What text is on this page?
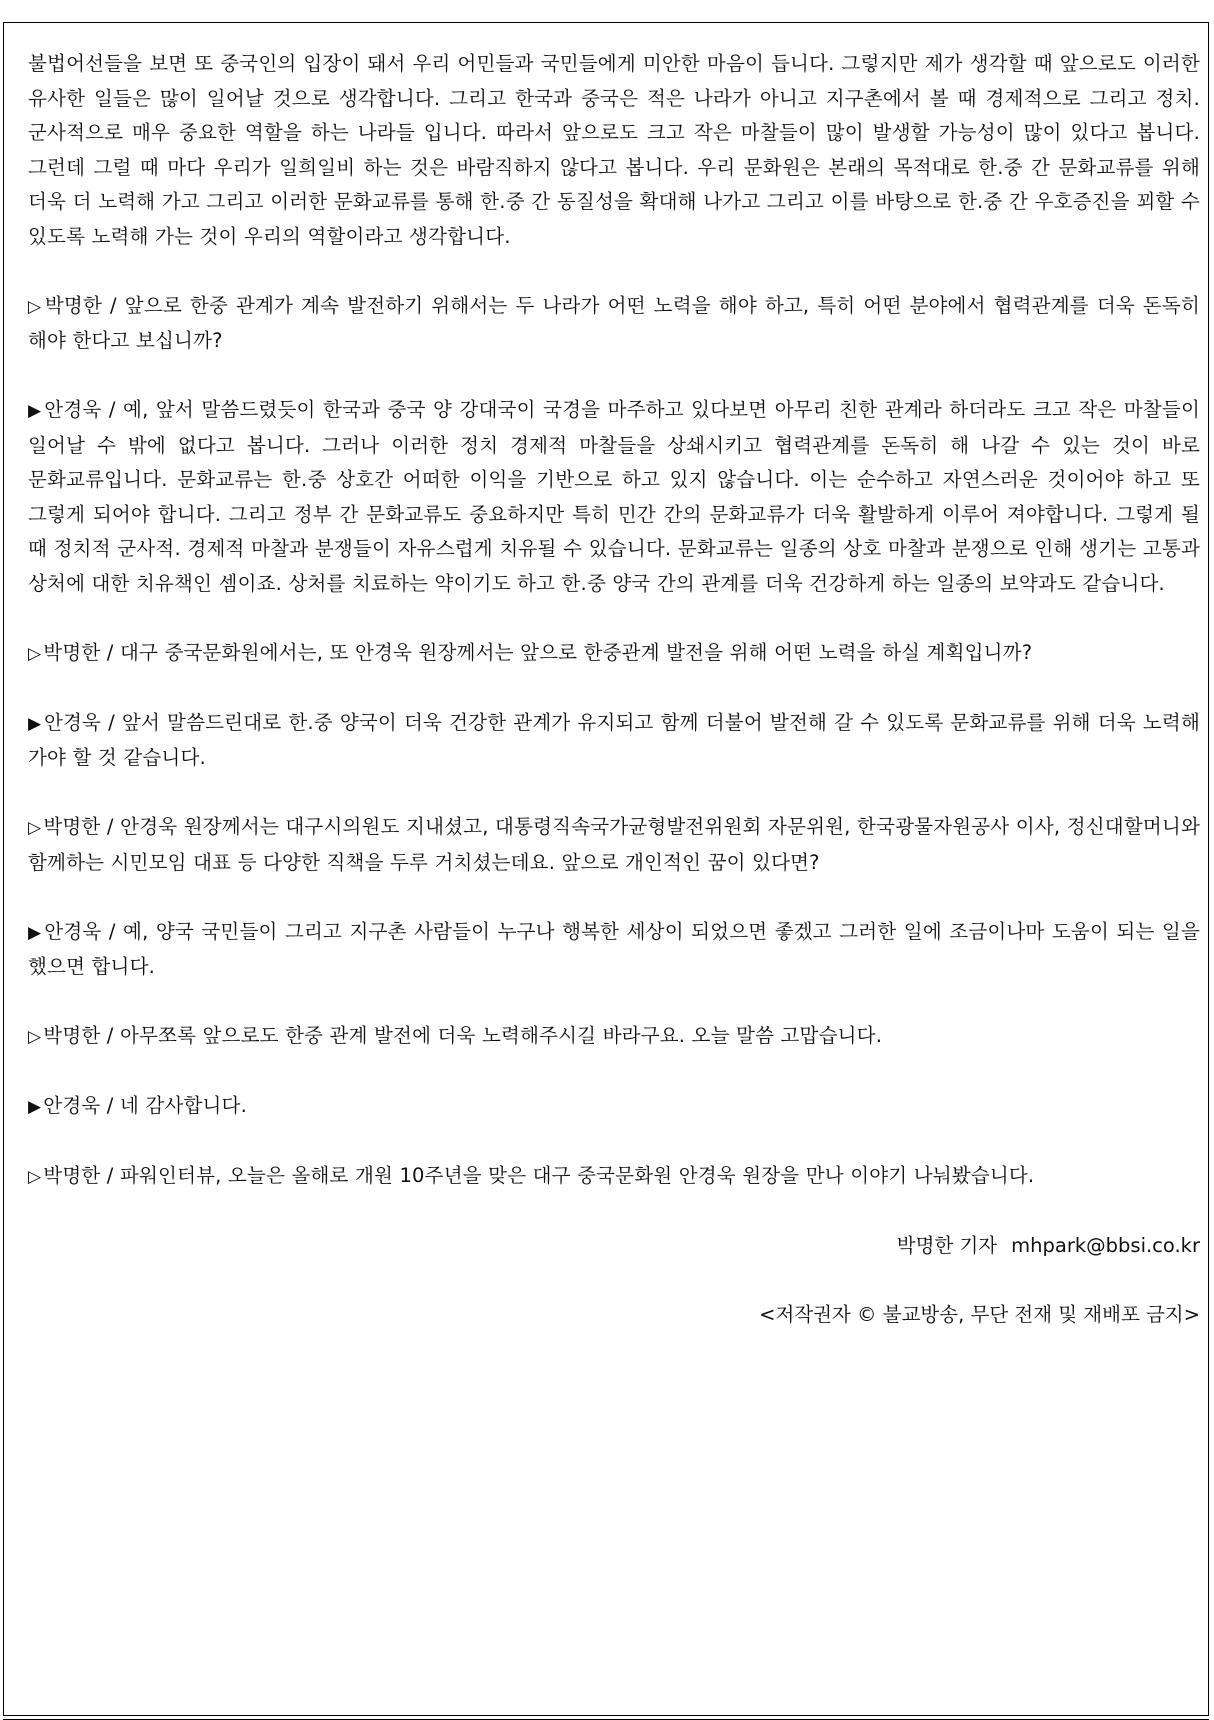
불법어선들을 보면 또 중국인의 입장이 돼서 우리 어민들과 국민들에게 미안한 마음이 듭니다. 그렇지만 제가 생각할 때 앞으로도 이러한 유사한 일들은 많이 일어날 것으로 생각합니다. 그리고 한국과 중국은 적은 나라가 아니고 지구촌에서 볼 때 경제적으로 그리고 정치. 군사적으로 매우 중요한 역할을 하는 나라들 입니다. 따라서 앞으로도 크고 작은 마찰들이 많이 발생할 가능성이 많이 있다고 봅니다. 그런데 그럴 때 마다 우리가 일희일비 하는 것은 바람직하지 않다고 봅니다. 우리 문화원은 본래의 목적대로 한.중 간 문화교류를 위해 더욱 더 노력해 가고 그리고 이러한 문화교류를 통해 한.중 간 동질성을 확대해 나가고 그리고 이를 바탕으로 한.중 간 우호증진을 꾀할 수 있도록 노력해 가는 것이 우리의 역할이라고 생각합니다.

▷ 박명한 / 앞으로 한중 관계가 계속 발전하기 위해서는 두 나라가 어떤 노력을 해야 하고, 특히 어떤 분야에서 협력관계를 더욱 돈독히 해야 한다고 보십니까?

▶ 안경욱 / 예, 앞서 말씀드렸듯이 한국과 중국 양 강대국이 국경을 마주하고 있다보면 아무리 친한 관계라 하더라도 크고 작은 마찰들이 일어날 수 밖에 없다고 봅니다. 그러나 이러한 정치 경제적 마찰들을 상쇄시키고 협력관계를 돈독히 해 나갈 수 있는 것이 바로 문화교류입니다. 문화교류는 한.중 상호간 어떠한 이익을 기반으로 하고 있지 않습니다. 이는 순수하고 자연스러운 것이어야 하고 또 그렇게 되어야 합니다. 그리고 정부 간 문화교류도 중요하지만 특히 민간 간의 문화교류가 더욱 활발하게 이루어 져야합니다. 그렇게 될 때 정치적 군사적. 경제적 마찰과 분쟁들이 자유스럽게 치유될 수 있습니다. 문화교류는 일종의 상호 마찰과 분쟁으로 인해 생기는 고통과 상처에 대한 치유책인 셈이죠. 상처를 치료하는 약이기도 하고 한.중 양국 간의 관계를 더욱 건강하게 하는 일종의 보약과도 같습니다.

▷ 박명한 / 대구 중국문화원에서는, 또 안경욱 원장께서는 앞으로 한중관계 발전을 위해 어떤 노력을 하실 계획입니까?

▶ 안경욱 / 앞서 말씀드린대로 한.중 양국이 더욱 건강한 관계가 유지되고 함께 더불어 발전해 갈 수 있도록 문화교류를 위해 더욱 노력해 가야 할 것 같습니다.

▷ 박명한 / 안경욱 원장께서는 대구시의원도 지내셨고, 대통령직속국가균형발전위원회 자문위원, 한국광물자원공사 이사, 정신대할머니와 함께하는 시민모임 대표 등 다양한 직책을 두루 거치셨는데요. 앞으로 개인적인 꿈이 있다면?

▶ 안경욱 / 예, 양국 국민들이 그리고 지구촌 사람들이 누구나 행복한 세상이 되었으면 좋겠고 그러한 일에 조금이나마 도움이 되는 일을 했으면 합니다.

▷ 박명한 / 아무쪼록 앞으로도 한중 관계 발전에 더욱 노력해주시길 바라구요. 오늘 말씀 고맙습니다.

▶ 안경욱 / 네 감사합니다.

▷ 박명한 / 파워인터뷰, 오늘은 올해로 개원 10주년을 맞은 대구 중국문화원 안경욱 원장을 만나 이야기 나눠봤습니다.

박명한 기자 mhpark@bbsi.co.kr

<저작권자 © 불교방송, 무단 전재 및 재배포 금지>
